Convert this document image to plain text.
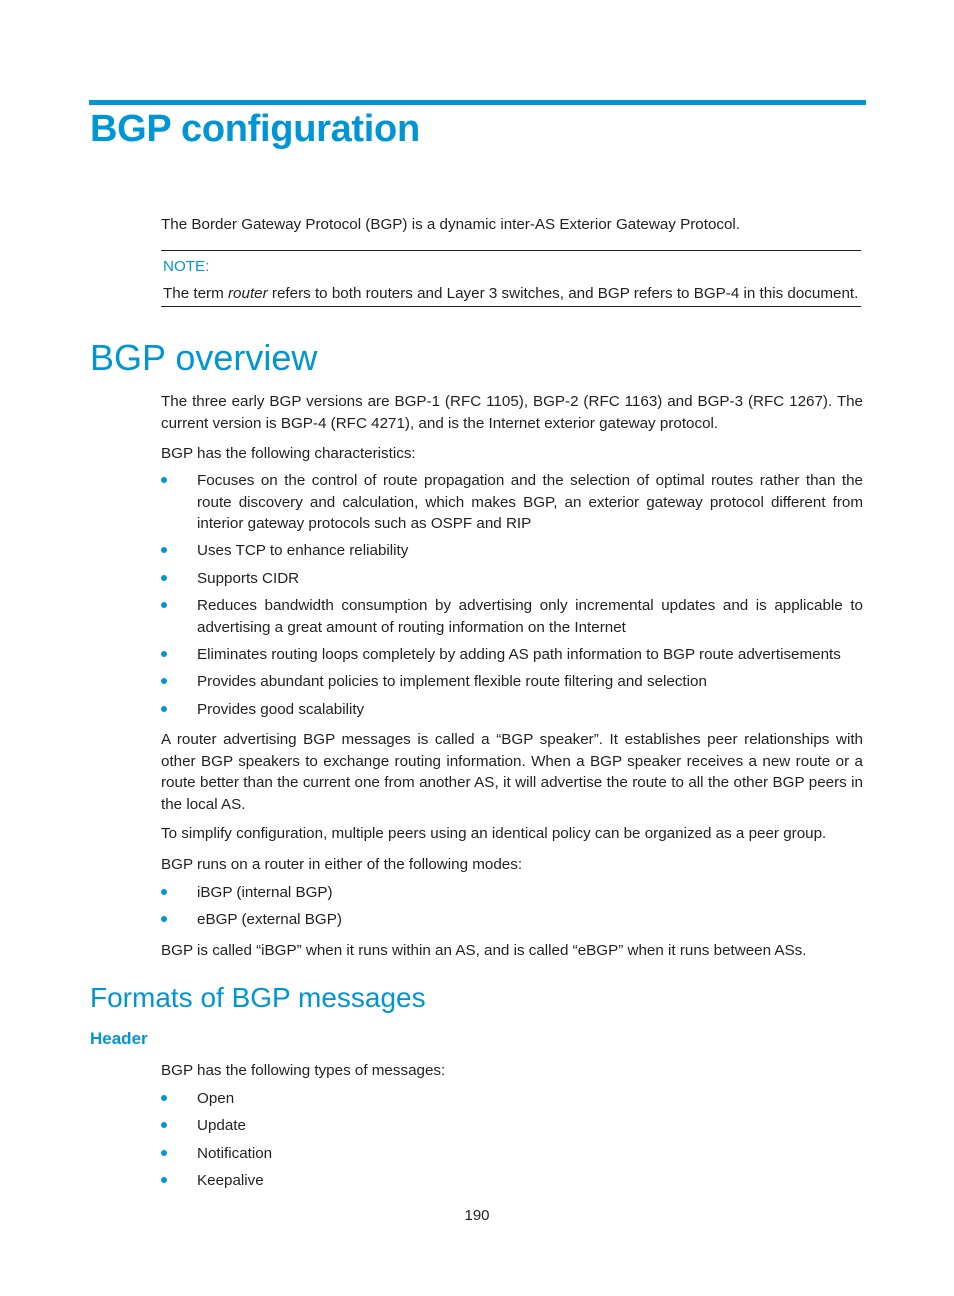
BGP configuration

The Border Gateway Protocol (BGP) is a dynamic inter-AS Exterior Gateway Protocol.

NOTE:

The term router refers to both routers and Layer 3 switches, and BGP refers to BGP-4 in this document.

BGP overview

The three early BGP versions are BGP-1 (RFC 1105), BGP-2 (RFC 1163) and BGP-3 (RFC 1267). The current version is BGP-4 (RFC 4271), and is the Internet exterior gateway protocol.

BGP has the following characteristics:

Focuses on the control of route propagation and the selection of optimal routes rather than the route discovery and calculation, which makes BGP, an exterior gateway protocol different from interior gateway protocols such as OSPF and RIP
Uses TCP to enhance reliability
Supports CIDR
Reduces bandwidth consumption by advertising only incremental updates and is applicable to advertising a great amount of routing information on the Internet
Eliminates routing loops completely by adding AS path information to BGP route advertisements
Provides abundant policies to implement flexible route filtering and selection
Provides good scalability

A router advertising BGP messages is called a “BGP speaker”. It establishes peer relationships with other BGP speakers to exchange routing information. When a BGP speaker receives a new route or a route better than the current one from another AS, it will advertise the route to all the other BGP peers in the local AS.

To simplify configuration, multiple peers using an identical policy can be organized as a peer group.

BGP runs on a router in either of the following modes:

iBGP (internal BGP)
eBGP (external BGP)

BGP is called “iBGP” when it runs within an AS, and is called “eBGP” when it runs between ASs.

Formats of BGP messages
Header

BGP has the following types of messages:

Open
Update
Notification
Keepalive

190
